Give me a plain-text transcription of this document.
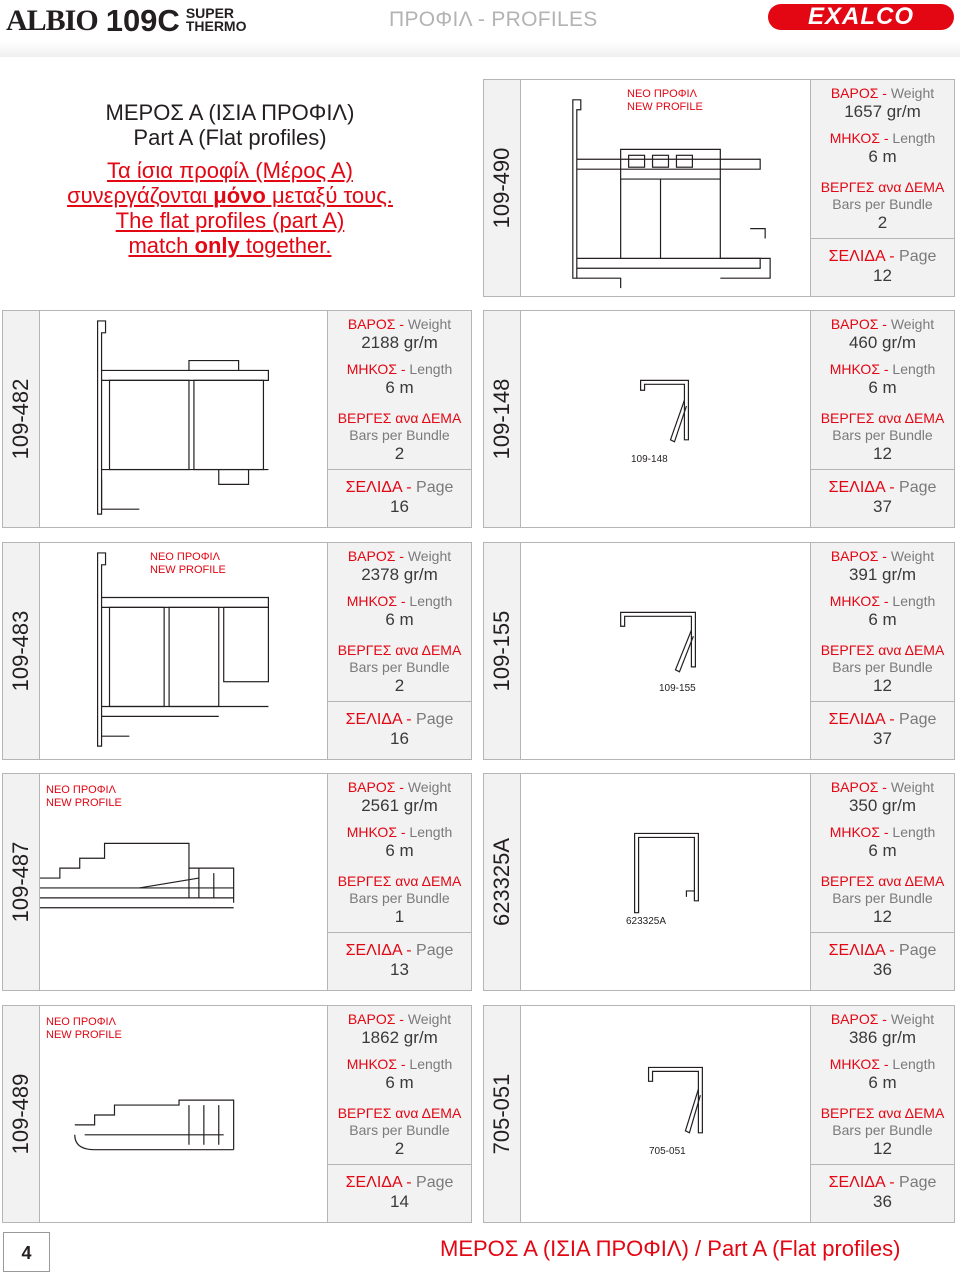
ALBIO 109C SUPER
THERMO	ΠΡΟΦΙΛ - PROFILES	EXALCO
ΜΕΡΟΣ Α (ΙΣΙΑ ΠΡΟΦΙΛ)
Part A (Flat profiles)
Τα ίσια προφίλ (Μέρος Α)
συνεργάζονται μόνο μεταξύ τους.
The flat profiles (part A)
match only together.
109-490
ΝΕΟ ΠΡΟΦΙΛ
NEW PROFILE
ΒΑΡΟΣ - Weight
1657 gr/m
ΜΗΚΟΣ - Length
6 m
ΒΕΡΓΕΣ ανα ΔΕΜΑ
Bars per Bundle
2
ΣΕΛΙΔΑ - Page
12
109-482
ΒΑΡΟΣ - Weight
2188 gr/m
ΜΗΚΟΣ - Length
6 m
ΒΕΡΓΕΣ ανα ΔΕΜΑ
Bars per Bundle
2
ΣΕΛΙΔΑ - Page
16
109-148
109-148
ΒΑΡΟΣ - Weight
460 gr/m
ΜΗΚΟΣ - Length
6 m
ΒΕΡΓΕΣ ανα ΔΕΜΑ
Bars per Bundle
12
ΣΕΛΙΔΑ - Page
37
109-483
ΝΕΟ ΠΡΟΦΙΛ
NEW PROFILE
ΒΑΡΟΣ - Weight
2378 gr/m
ΜΗΚΟΣ - Length
6 m
ΒΕΡΓΕΣ ανα ΔΕΜΑ
Bars per Bundle
2
ΣΕΛΙΔΑ - Page
16
109-155	109-155
ΒΑΡΟΣ - Weight
391 gr/m
ΜΗΚΟΣ - Length
6 m
ΒΕΡΓΕΣ ανα ΔΕΜΑ
Bars per Bundle
12
ΣΕΛΙΔΑ - Page
37
109-487
ΝΕΟ ΠΡΟΦΙΛ
NEW PROFILE
ΒΑΡΟΣ - Weight
2561 gr/m
ΜΗΚΟΣ - Length
6 m
ΒΕΡΓΕΣ ανα ΔΕΜΑ
Bars per Bundle
1
ΣΕΛΙΔΑ - Page
13
623325A	623325A
ΒΑΡΟΣ - Weight
350 gr/m
ΜΗΚΟΣ - Length
6 m
ΒΕΡΓΕΣ ανα ΔΕΜΑ
Bars per Bundle
12
ΣΕΛΙΔΑ - Page
36
109-489
ΝΕΟ ΠΡΟΦΙΛ
NEW PROFILE
ΒΑΡΟΣ - Weight
1862 gr/m
ΜΗΚΟΣ - Length
6 m
ΒΕΡΓΕΣ ανα ΔΕΜΑ
Bars per Bundle
2
ΣΕΛΙΔΑ - Page
14
705-051	705-051
ΒΑΡΟΣ - Weight
386 gr/m
ΜΗΚΟΣ - Length
6 m
ΒΕΡΓΕΣ ανα ΔΕΜΑ
Bars per Bundle
12
ΣΕΛΙΔΑ - Page
36
4	ΜΕΡΟΣ Α (ΙΣΙΑ ΠΡΟΦΙΛ) / Part A (Flat profiles)
